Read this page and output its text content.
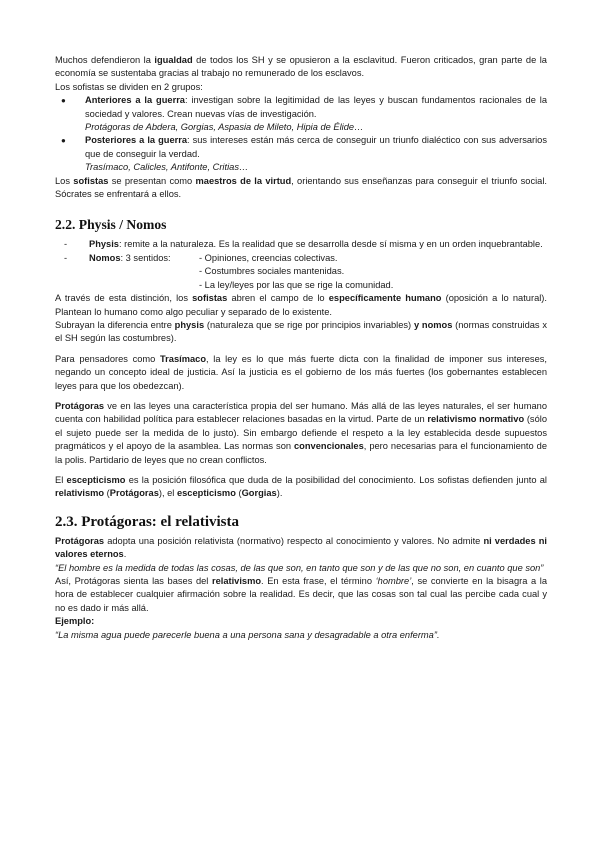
Muchos defendieron la igualdad de todos los SH y se opusieron a la esclavitud. Fueron criticados, gran parte de la economía se sustentaba gracias al trabajo no remunerado de los esclavos.

Los sofistas se dividen en 2 grupos:

● Anteriores a la guerra: investigan sobre la legitimidad de las leyes y buscan fundamentos racionales de la sociedad y valores. Crean nuevas vías de investigación.

Protágoras de Abdera, Gorgias, Aspasia de Mileto, Hipia de Élide…

● Posteriores a la guerra: sus intereses están más cerca de conseguir un triunfo dialéctico con sus adversarios que de conseguir la verdad.

Trasímaco, Calicles, Antifonte, Critias…

Los sofistas se presentan como maestros de la virtud, orientando sus enseñanzas para conseguir el triunfo social. Sócrates se enfrentará a ellos.

2.2. Physis / Nomos
-	Physis: remite a la naturaleza. Es la realidad que se desarrolla desde sí misma y en un orden inquebrantable.

-	Nomos: 3 sentidos:	- Opiniones, creencias colectivas.

- Costumbres sociales mantenidas.

- La ley/leyes por las que se rige la comunidad.

A través de esta distinción, los sofistas abren el campo de lo específicamente humano (oposición a lo natural). Plantean lo humano como algo peculiar y separado de lo existente.

Subrayan la diferencia entre physis (naturaleza que se rige por principios invariables) y nomos (normas construidas x el SH según las costumbres).

Para pensadores como Trasímaco, la ley es lo que más fuerte dicta con la finalidad de imponer sus intereses, negando un concepto ideal de justicia. Así la justicia es el gobierno de los más fuertes (los gobernantes establecen leyes para que los obedezcan).

Protágoras ve en las leyes una característica propia del ser humano. Más allá de las leyes naturales, el ser humano cuenta con habilidad política para establecer relaciones basadas en la virtud. Parte de un relativismo normativo (sólo el sujeto puede ser la medida de lo justo). Sin embargo defiende el respeto a la ley establecida desde supuestos pragmáticos y el apoyo de la asamblea. Las normas son convencionales, pero necesarias para el funcionamiento de la polis. Partidario de leyes que no crean conflictos.

El escepticismo es la posición filosófica que duda de la posibilidad del conocimiento. Los sofistas defienden junto al relativismo (Protágoras), el escepticismo (Gorgias).

2.3. Protágoras: el relativista

Protágoras adopta una posición relativista (normativo) respecto al conocimiento y valores. No admite ni verdades ni valores eternos.

“El hombre es la medida de todas las cosas, de las que son, en tanto que son y de las que no son, en cuanto que son”

Así, Protágoras sienta las bases del relativismo. En esta frase, el término ‘hombre’, se convierte en la bisagra a la hora de establecer cualquier afirmación sobre la realidad. Es decir, que las cosas son tal cual las percibe cada cual y no es dado ir más allá.

Ejemplo:

“La misma agua puede parecerle buena a una persona sana y desagradable a otra enferma”.
